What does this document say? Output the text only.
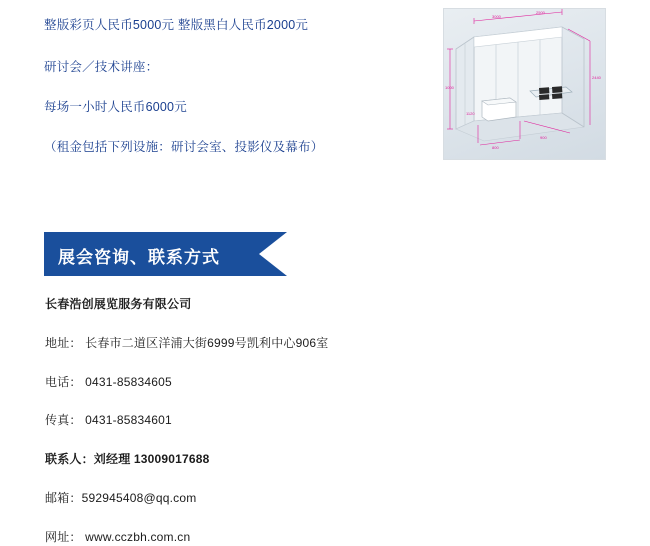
整版彩页人民币5000元 整版黑白人民币2000元
研讨会／技术讲座：
每场一小时人民币6000元
（租金包括下列设施：研讨会室、投影仪及幕布）
3000
2500
2440
1000
1120
800
900
展会咨询、联系方式
长春浩创展览服务有限公司
地址： 长春市二道区洋浦大街6999号凯利中心906室
电话： 0431-85834605
传真： 0431-85834601
联系人：刘经理 13009017688
邮箱：592945408@qq.com
网址： www.cczbh.com.cn
